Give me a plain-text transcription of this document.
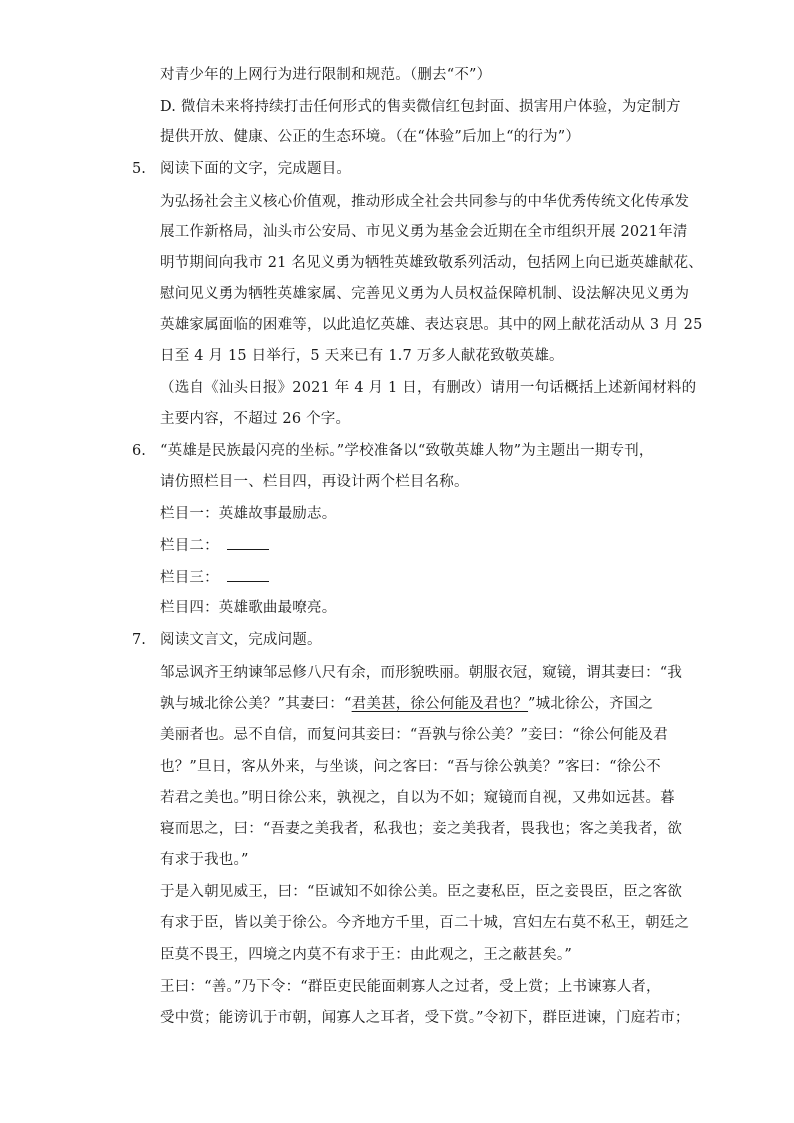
对青少年的上网行为进行限制和规范。（删去“不”）
D. 微信未来将持续打击任何形式的售卖微信红包封面、损害用户体验，为定制方
提供开放、健康、公正的生态环境。（在“体验”后加上“的行为”）
5. 阅读下面的文字，完成题目。
为弘扬社会主义核心价值观，推动形成全社会共同参与的中华优秀传统文化传承发
展工作新格局，汕头市公安局、市见义勇为基金会近期在全市组织开展 2021年清
明节期间向我市 21 名见义勇为牺牲英雄致敬系列活动，包括网上向已逝英雄献花、
慰问见义勇为牺牲英雄家属、完善见义勇为人员权益保障机制、设法解决见义勇为
英雄家属面临的困难等，以此追忆英雄、表达哀思。其中的网上献花活动从 3 月 25
日至 4 月 15 日举行，5 天来已有 1.7 万多人献花致敬英雄。
（选自《汕头日报》2021 年 4 月 1 日，有删改）请用一句话概括上述新闻材料的
主要内容，不超过 26 个字。
6. “英雄是民族最闪亮的坐标。”学校准备以“致敬英雄人物”为主题出一期专刊，
请仿照栏目一、栏目四，再设计两个栏目名称。
栏目一：英雄故事最励志。
栏目二：
栏目三：
栏目四：英雄歌曲最嘹亮。
7. 阅读文言文，完成问题。
邹忌讽齐王纳谏邹忌修八尺有余，而形貌昳丽。朝服衣冠，窥镜，谓其妻曰：“我
孰与城北徐公美？”其妻曰：“君美甚，徐公何能及君也？”城北徐公，齐国之
美丽者也。忌不自信，而复问其妾曰：“吾孰与徐公美？”妾曰：“徐公何能及君
也？”旦日，客从外来，与坐谈，问之客曰：“吾与徐公孰美？”客曰：“徐公不
若君之美也。”明日徐公来，孰视之，自以为不如；窥镜而自视，又弗如远甚。暮
寝而思之，曰：“吾妻之美我者，私我也；妾之美我者，畏我也；客之美我者，欲
有求于我也。”
于是入朝见威王，曰：“臣诚知不如徐公美。臣之妻私臣，臣之妾畏臣，臣之客欲
有求于臣，皆以美于徐公。今齐地方千里，百二十城，宫妇左右莫不私王，朝廷之
臣莫不畏王，四境之内莫不有求于王：由此观之，王之蔽甚矣。”
王曰：“善。”乃下令：“群臣吏民能面刺寡人之过者，受上赏；上书谏寡人者，
受中赏；能谤讥于市朝，闻寡人之耳者，受下赏。”令初下，群臣进谏，门庭若市；
